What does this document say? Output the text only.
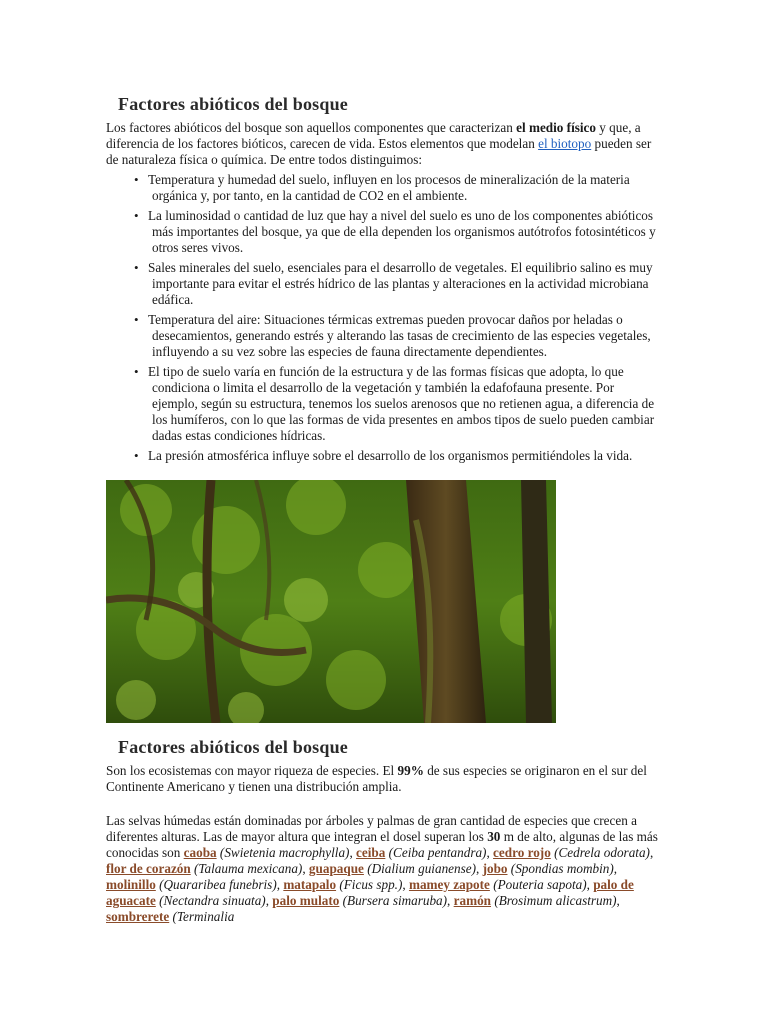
Factores abióticos del bosque

Los factores abióticos del bosque son aquellos componentes que caracterizan el medio físico y que, a diferencia de los factores bióticos, carecen de vida. Estos elementos que modelan el biotopo pueden ser de naturaleza física o química. De entre todos distinguimos:

• Temperatura y humedad del suelo, influyen en los procesos de mineralización de la materia orgánica y, por tanto, en la cantidad de CO2 en el ambiente.
• La luminosidad o cantidad de luz que hay a nivel del suelo es uno de los componentes abióticos más importantes del bosque, ya que de ella dependen los organismos autótrofos fotosintéticos y otros seres vivos.
• Sales minerales del suelo, esenciales para el desarrollo de vegetales. El equilibrio salino es muy importante para evitar el estrés hídrico de las plantas y alteraciones en la actividad microbiana edáfica.
• Temperatura del aire: Situaciones térmicas extremas pueden provocar daños por heladas o desecamientos, generando estrés y alterando las tasas de crecimiento de las especies vegetales, influyendo a su vez sobre las especies de fauna directamente dependientes.
• El tipo de suelo varía en función de la estructura y de las formas físicas que adopta, lo que condiciona o limita el desarrollo de la vegetación y también la edafofauna presente. Por ejemplo, según su estructura, tenemos los suelos arenosos que no retienen agua, a diferencia de los humíferos, con lo que las formas de vida presentes en ambos tipos de suelo pueden cambiar dadas estas condiciones hídricas.
• La presión atmosférica influye sobre el desarrollo de los organismos permitiéndoles la vida.
Factores abióticos del bosque

Son los ecosistemas con mayor riqueza de especies. El 99% de sus especies se originaron en el sur del Continente Americano y tienen una distribución amplia.

Las selvas húmedas están dominadas por árboles y palmas de gran cantidad de especies que crecen a diferentes alturas. Las de mayor altura que integran el dosel superan los 30 m de alto, algunas de las más conocidas son caoba (Swietenia macrophylla), ceiba (Ceiba pentandra), cedro rojo (Cedrela odorata), flor de corazón (Talauma mexicana), guapaque (Dialium guianense), jobo (Spondias mombin), molinillo (Quararibea funebris), matapalo (Ficus spp.), mamey zapote (Pouteria sapota), palo de aguacate (Nectandra sinuata), palo mulato (Bursera simaruba), ramón (Brosimum alicastrum), sombrerete (Terminalia
